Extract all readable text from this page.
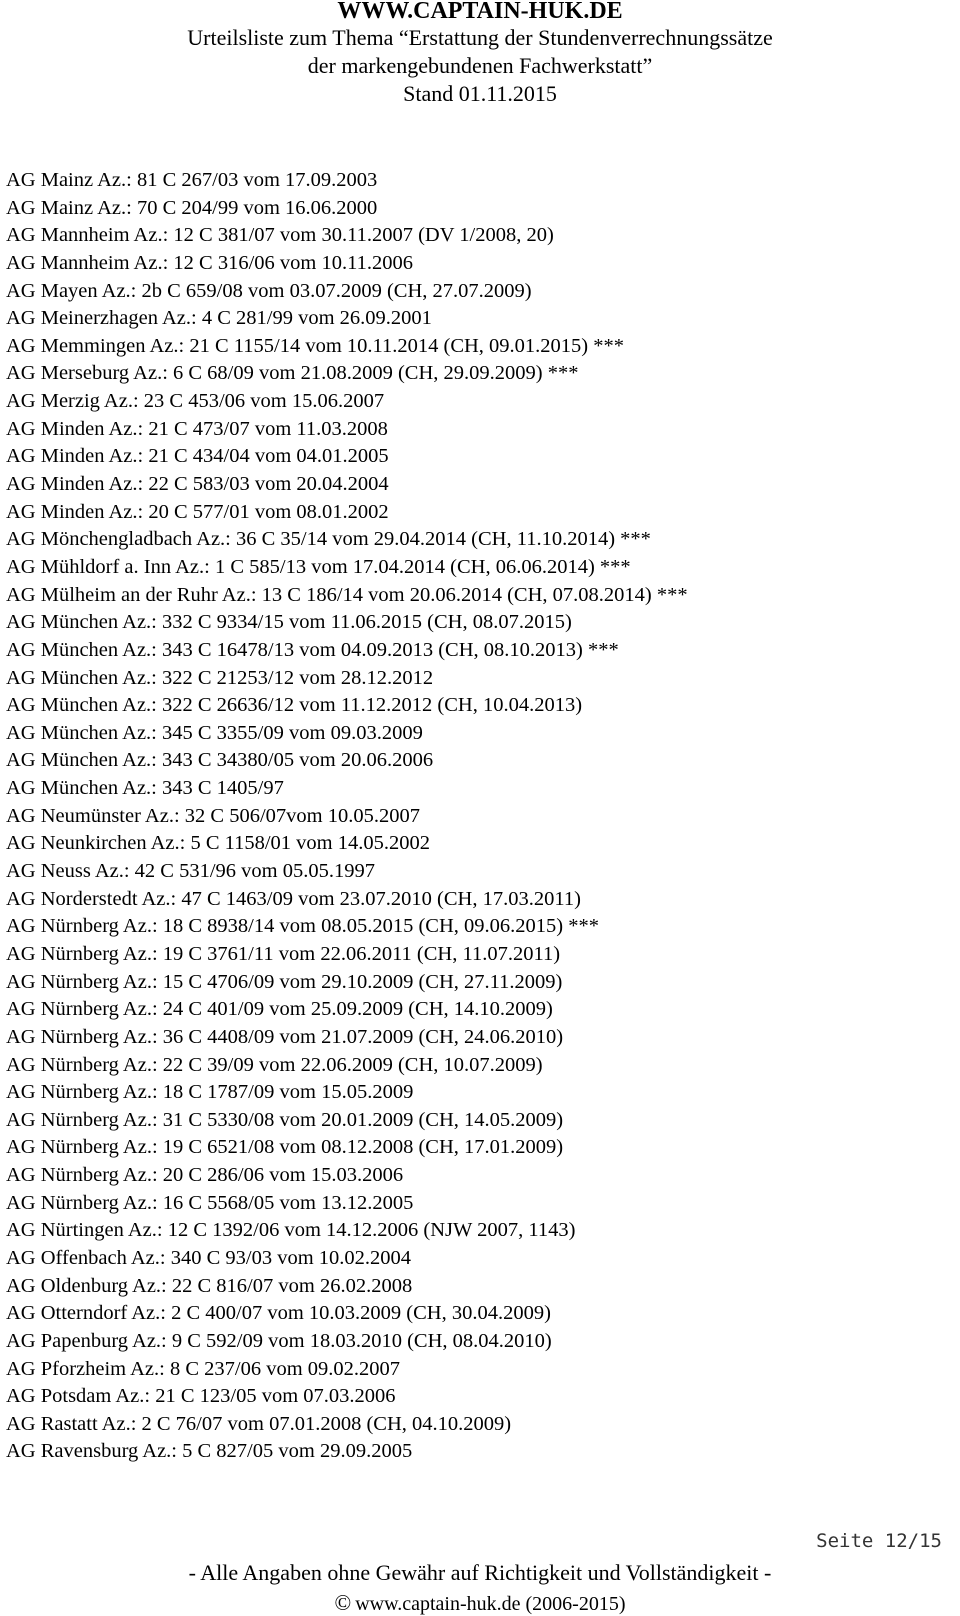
WWW.CAPTAIN-HUK.DE
Urteilsliste zum Thema “Erstattung der Stundenverrechnungssätze
der markengebundenen Fachwerkstatt”
Stand 01.11.2015
AG Mainz Az.: 81 C 267/03 vom 17.09.2003
AG Mainz Az.: 70 C 204/99 vom 16.06.2000
AG Mannheim Az.: 12 C 381/07 vom 30.11.2007 (DV 1/2008, 20)
AG Mannheim Az.: 12 C 316/06 vom 10.11.2006
AG Mayen Az.: 2b C 659/08 vom 03.07.2009 (CH, 27.07.2009)
AG Meinerzhagen Az.: 4 C 281/99 vom 26.09.2001
AG Memmingen Az.: 21 C 1155/14 vom 10.11.2014 (CH, 09.01.2015) ***
AG Merseburg Az.: 6 C 68/09 vom 21.08.2009 (CH, 29.09.2009) ***
AG Merzig Az.: 23 C 453/06 vom 15.06.2007
AG Minden Az.: 21 C 473/07 vom 11.03.2008
AG Minden Az.: 21 C 434/04 vom 04.01.2005
AG Minden Az.: 22 C 583/03 vom 20.04.2004
AG Minden Az.: 20 C 577/01 vom 08.01.2002
AG Mönchengladbach Az.: 36 C 35/14 vom 29.04.2014 (CH, 11.10.2014) ***
AG Mühldorf a. Inn Az.: 1 C 585/13 vom 17.04.2014 (CH, 06.06.2014) ***
AG Mülheim an der Ruhr Az.: 13 C 186/14 vom 20.06.2014 (CH, 07.08.2014) ***
AG München Az.: 332 C 9334/15 vom 11.06.2015 (CH, 08.07.2015)
AG München Az.: 343 C 16478/13 vom 04.09.2013 (CH, 08.10.2013) ***
AG München Az.: 322 C 21253/12 vom 28.12.2012
AG München Az.: 322 C 26636/12 vom 11.12.2012 (CH, 10.04.2013)
AG München Az.: 345 C 3355/09 vom 09.03.2009
AG München Az.: 343 C 34380/05 vom 20.06.2006
AG München Az.: 343 C 1405/97
AG Neumünster Az.: 32 C 506/07vom 10.05.2007
AG Neunkirchen Az.: 5 C 1158/01 vom 14.05.2002
AG Neuss Az.: 42 C 531/96 vom 05.05.1997
AG Norderstedt Az.: 47 C 1463/09 vom 23.07.2010 (CH, 17.03.2011)
AG Nürnberg Az.: 18 C 8938/14 vom 08.05.2015 (CH, 09.06.2015) ***
AG Nürnberg Az.: 19 C 3761/11 vom 22.06.2011 (CH, 11.07.2011)
AG Nürnberg Az.: 15 C 4706/09 vom 29.10.2009 (CH, 27.11.2009)
AG Nürnberg Az.: 24 C 401/09 vom 25.09.2009 (CH, 14.10.2009)
AG Nürnberg Az.: 36 C 4408/09 vom 21.07.2009 (CH, 24.06.2010)
AG Nürnberg Az.: 22 C 39/09 vom 22.06.2009 (CH, 10.07.2009)
AG Nürnberg Az.: 18 C 1787/09 vom 15.05.2009
AG Nürnberg Az.: 31 C 5330/08 vom 20.01.2009 (CH, 14.05.2009)
AG Nürnberg Az.: 19 C 6521/08 vom 08.12.2008 (CH, 17.01.2009)
AG Nürnberg Az.: 20 C 286/06 vom 15.03.2006
AG Nürnberg Az.: 16 C 5568/05 vom 13.12.2005
AG Nürtingen Az.: 12 C 1392/06 vom 14.12.2006 (NJW 2007, 1143)
AG Offenbach Az.: 340 C 93/03 vom 10.02.2004
AG Oldenburg Az.: 22 C 816/07 vom 26.02.2008
AG Otterndorf Az.: 2 C 400/07 vom 10.03.2009 (CH, 30.04.2009)
AG Papenburg Az.: 9 C 592/09 vom 18.03.2010 (CH, 08.04.2010)
AG Pforzheim Az.: 8 C 237/06 vom 09.02.2007
AG Potsdam Az.: 21 C 123/05 vom 07.03.2006
AG Rastatt Az.: 2 C 76/07 vom 07.01.2008 (CH, 04.10.2009)
AG Ravensburg Az.: 5 C 827/05 vom 29.09.2005
Seite 12/15
- Alle Angaben ohne Gewähr auf Richtigkeit und Vollständigkeit -
© www.captain-huk.de (2006-2015)
